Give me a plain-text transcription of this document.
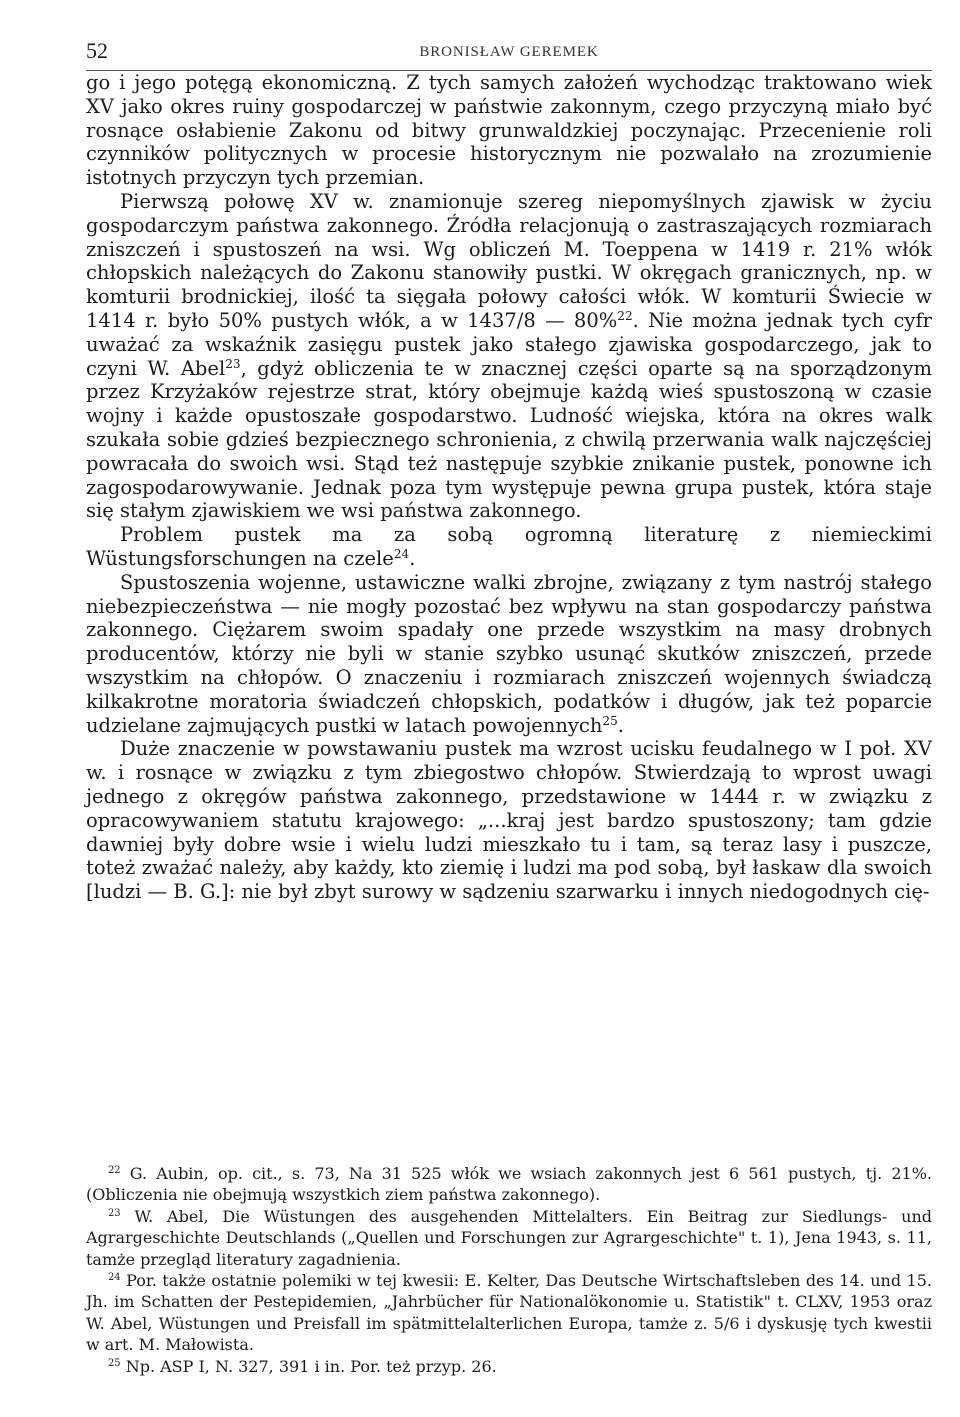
52	BRONISŁAW GEREMEK

go i jego potęgą ekonomiczną. Z tych samych założeń wychodząc traktowano wiek XV jako okres ruiny gospodarczej w państwie zakonnym, czego przyczyną miało być rosnące osłabienie Zakonu od bitwy grunwaldzkiej poczynając. Przecenienie roli czynników politycznych w procesie historycznym nie pozwalało na zrozumienie istotnych przyczyn tych przemian.

Pierwszą połowę XV w. znamionuje szereg niepomyślnych zjawisk w życiu gospodarczym państwa zakonnego. Źródła relacjonują o zastraszających rozmiarach zniszczeń i spustoszeń na wsi. Wg obliczeń M. Toeppena w 1419 r. 21% włók chłopskich należących do Zakonu stanowiły pustki. W okręgach granicznych, np. w komturii brodnickiej, ilość ta sięgała połowy całości włók. W komturii Świecie w 1414 r. było 50% pustych włók, a w 1437/8 — 80%$^{22}$. Nie można jednak tych cyfr uważać za wskaźnik zasięgu pustek jako stałego zjawiska gospodarczego, jak to czyni W. Abel$^{23}$, gdyż obliczenia te w znacznej części oparte są na sporządzonym przez Krzyżaków rejestrze strat, który obejmuje każdą wieś spustoszoną w czasie wojny i każde opustoszałe gospodarstwo. Ludność wiejska, która na okres walk szukała sobie gdzieś bezpiecznego schronienia, z chwilą przerwania walk najczęściej powracała do swoich wsi. Stąd też następuje szybkie znikanie pustek, ponowne ich zagospodarowywanie. Jednak poza tym występuje pewna grupa pustek, która staje się stałym zjawiskiem we wsi państwa zakonnego.

Problem pustek ma za sobą ogromną literaturę z niemieckimi Wüstungsforschungen na czele$^{24}$.

Spustoszenia wojenne, ustawiczne walki zbrojne, związany z tym nastrój stałego niebezpieczeństwa — nie mogły pozostać bez wpływu na stan gospodarczy państwa zakonnego. Ciężarem swoim spadały one przede wszystkim na masy drobnych producentów, którzy nie byli w stanie szybko usunąć skutków zniszczeń, przede wszystkim na chłopów. O znaczeniu i rozmiarach zniszczeń wojennych świadczą kilkakrotne moratoria świadczeń chłopskich, podatków i długów, jak też poparcie udzielane zajmujących pustki w latach powojennych$^{25}$.

Duże znaczenie w powstawaniu pustek ma wzrost ucisku feudalnego w I poł. XV w. i rosnące w związku z tym zbiegostwo chłopów. Stwierdzają to wprost uwagi jednego z okręgów państwa zakonnego, przedstawione w 1444 r. w związku z opracowywaniem statutu krajowego: „...kraj jest bardzo spustoszony; tam gdzie dawniej były dobre wsie i wielu ludzi mieszkało tu i tam, są teraz lasy i puszcze, toteż zważać należy, aby każdy, kto ziemię i ludzi ma pod sobą, był łaskaw dla swoich [ludzi — B. G.]: nie był zbyt surowy w sądzeniu szarwarku i innych niedogodnych cię-

$^{22}$ G. Aubin, op. cit., s. 73, Na 31 525 włók we wsiach zakonnych jest 6 561 pustych, tj. 21%. (Obliczenia nie obejmują wszystkich ziem państwa zakonnego).

$^{23}$ W. Abel, Die Wüstungen des ausgehenden Mittelalters. Ein Beitrag zur Siedlungs- und Agrargeschichte Deutschlands („Quellen und Forschungen zur Agrargeschichte" t. 1), Jena 1943, s. 11, tamże przegląd literatury zagadnienia.

$^{24}$ Por. także ostatnie polemiki w tej kwesii: E. Kelter, Das Deutsche Wirtschaftsleben des 14. und 15. Jh. im Schatten der Pestepidemien, „Jahrbücher für Nationalökonomie u. Statistik" t. CLXV, 1953 oraz W. Abel, Wüstungen und Preisfall im spätmittelalterlichen Europa, tamże z. 5/6 i dyskusję tych kwestii w art. M. Małowista.

$^{25}$ Np. ASP I, N. 327, 391 i in. Por. też przyp. 26.
